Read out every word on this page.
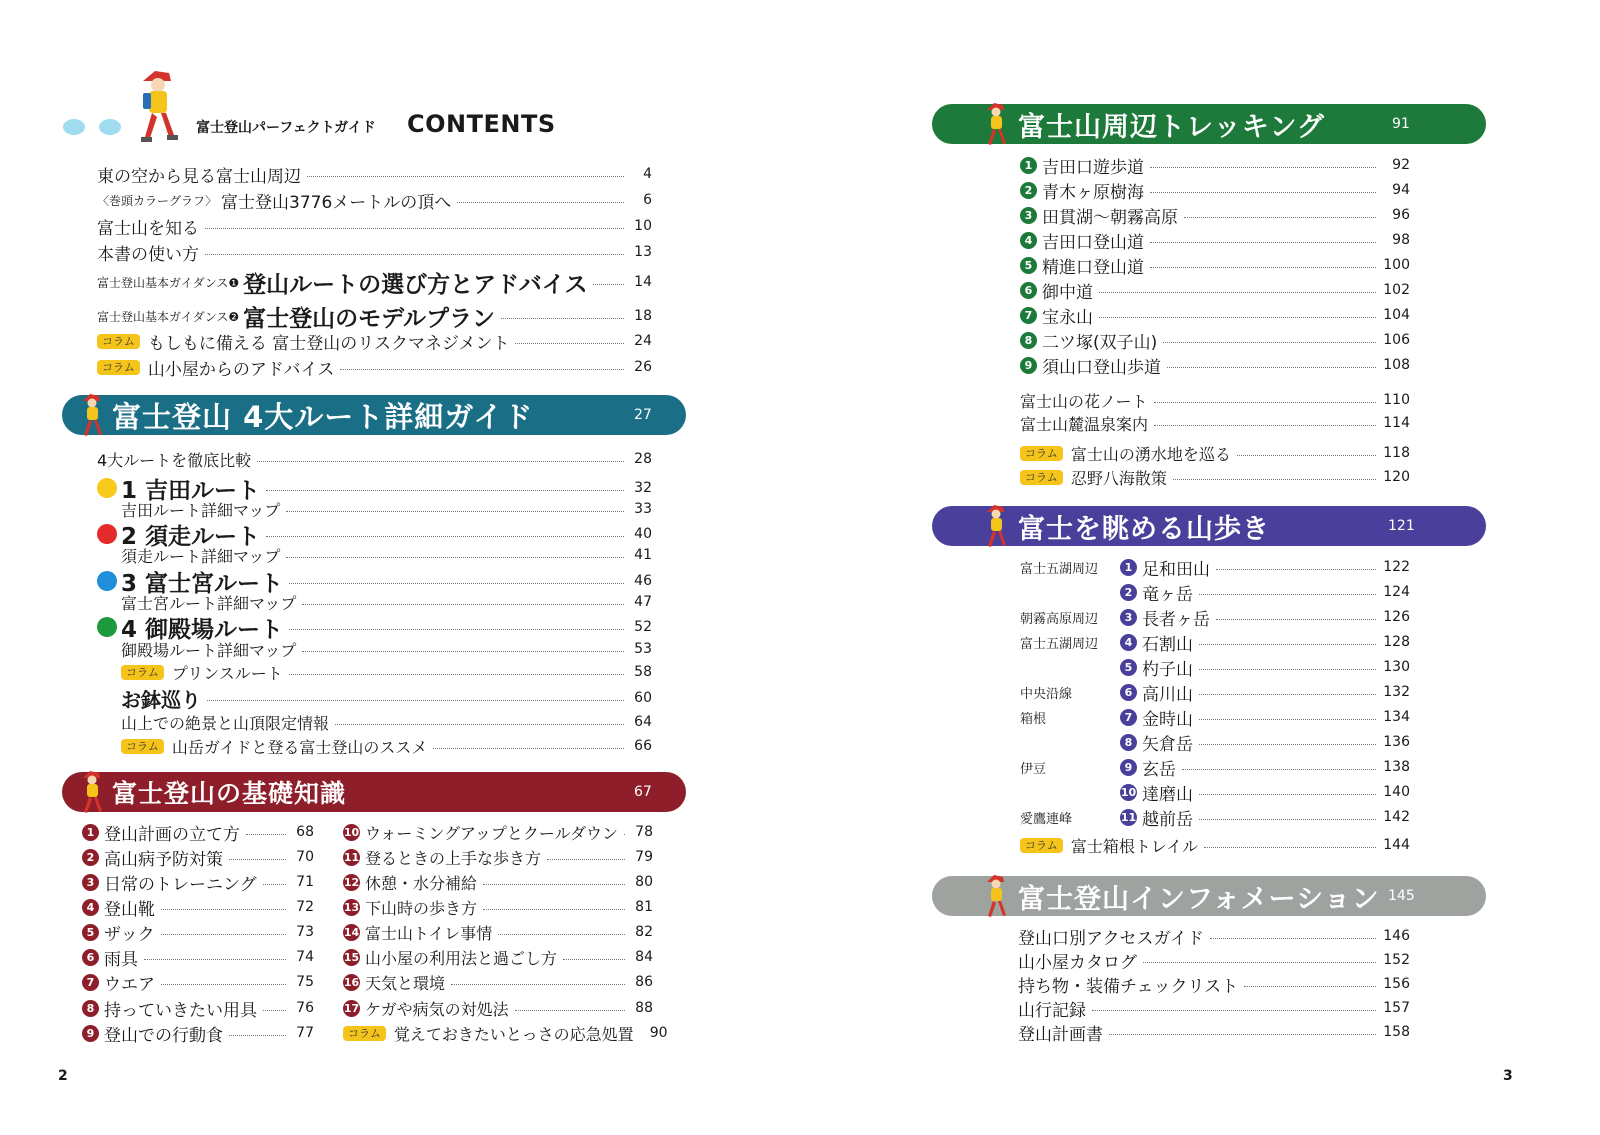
富士登山パーフェクトガイド CONTENTS
東の空から見る富士山周辺	4
〈巻頭カラーグラフ〉 富士登山3776メートルの頂へ	6
富士山を知る	10
本書の使い方	13
富士登山基本ガイダンス❶ 登山ルートの選び方とアドバイス	14
富士登山基本ガイダンス❷ 富士登山のモデルプラン	18
コラム もしもに備える 富士登山のリスクマネジメント	24
コラム 山小屋からのアドバイス	26
富士登山 4大ルート詳細ガイド	27
4大ルートを徹底比較	28
1 吉田ルート	32
吉田ルート詳細マップ	33
2 須走ルート	40
須走ルート詳細マップ	41
3 富士宮ルート	46
富士宮ルート詳細マップ	47
4 御殿場ルート	52
御殿場ルート詳細マップ	53
コラム プリンスルート	58
お鉢巡り	60
山上での絶景と山頂限定情報	64
コラム 山岳ガイドと登る富士登山のススメ	66
富士登山の基礎知識	67
1 登山計画の立て方	68
2 高山病予防対策	70
3 日常のトレーニング	71
4 登山靴	72
5 ザック	73
6 雨具	74
7 ウエア	75
8 持っていきたい用具	76
9 登山での行動食	77
10 ウォーミングアップとクールダウン 78
11 登るときの上手な歩き方	79
12 休憩・水分補給	80
13 下山時の歩き方	81
14 富士山トイレ事情	82
15 山小屋の利用法と過ごし方	84
16 天気と環境	86
17 ケガや病気の対処法	88
コラム 覚えておきたいとっさの応急処置 90
富士山周辺トレッキング	91
1 吉田口遊歩道	92
2 青木ヶ原樹海	94
3 田貫湖〜朝霧高原	96
4 吉田口登山道	98
5 精進口登山道	100
6 御中道	102
7 宝永山	104
8 二ツ塚(双子山)	106
9 須山口登山歩道	108
富士山の花ノート	110
富士山麓温泉案内	114
コラム 富士山の湧水地を巡る	118
コラム 忍野八海散策	120
富士を眺める山歩き	121
富士五湖周辺	1 足和田山	122
2 竜ヶ岳	124
朝霧高原周辺	3 長者ヶ岳	126
富士五湖周辺	4 石割山	128
5 杓子山	130
中央沿線	6 高川山	132
箱根	7 金時山	134
8 矢倉岳	136
伊豆	9 玄岳	138
10 達磨山	140
愛鷹連峰	11 越前岳	142
コラム 富士箱根トレイル	144
富士登山インフォメーション 145
登山口別アクセスガイド	146
山小屋カタログ	152
持ち物・装備チェックリスト	156
山行記録	157
登山計画書	158
2	3
